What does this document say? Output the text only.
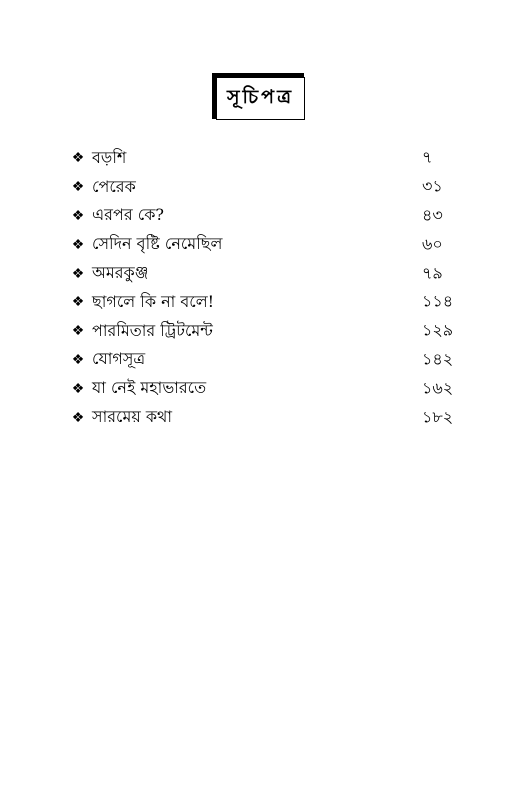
সূচিপত্র
❖ বড়শি	৭
❖ পেরেক	৩১
❖ এরপর কে?	৪৩
❖ সেদিন বৃষ্টি নেমেছিল	৬০
❖ অমরকুঞ্জ	৭৯
❖ ছাগলে কি না বলে!	১১৪
❖ পারমিতার ট্রিটমেন্ট	১২৯
❖ যোগসূত্র	১৪২
❖ যা নেই মহাভারতে	১৬২
❖ সারমেয় কথা	১৮২
